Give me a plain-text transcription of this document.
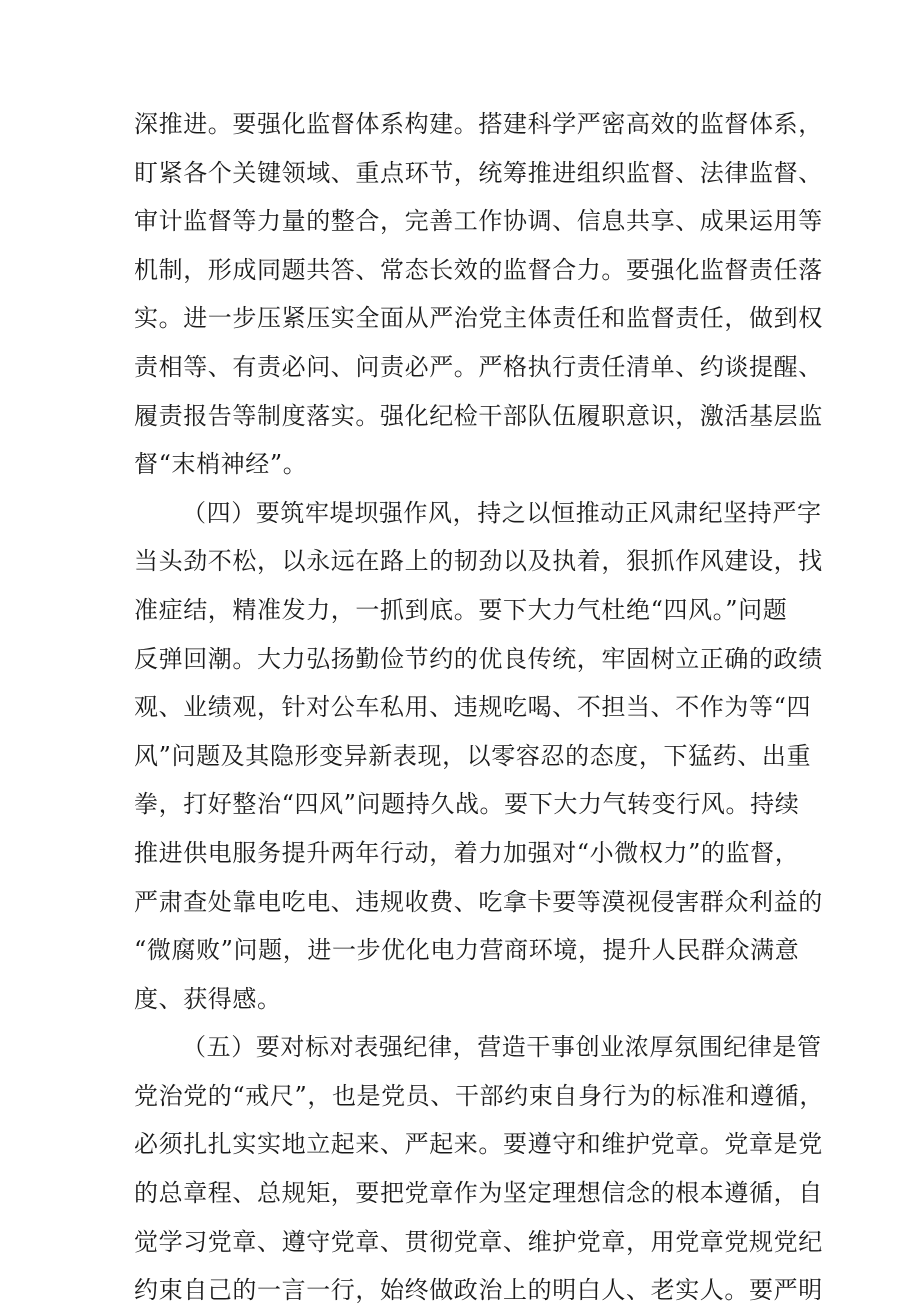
深推进。要强化监督体系构建。搭建科学严密高效的监督体系，
盯紧各个关键领域、重点环节，统筹推进组织监督、法律监督、
审计监督等力量的整合，完善工作协调、信息共享、成果运用等
机制，形成同题共答、常态长效的监督合力。要强化监督责任落
实。进一步压紧压实全面从严治党主体责任和监督责任，做到权
责相等、有责必问、问责必严。严格执行责任清单、约谈提醒、
履责报告等制度落实。强化纪检干部队伍履职意识，激活基层监
督“末梢神经”。
（四）要筑牢堤坝强作风，持之以恒推动正风肃纪坚持严字
当头劲不松，以永远在路上的韧劲以及执着，狠抓作风建设，找
准症结，精准发力，一抓到底。要下大力气杜绝“四风。”问题
反弹回潮。大力弘扬勤俭节约的优良传统，牢固树立正确的政绩
观、业绩观，针对公车私用、违规吃喝、不担当、不作为等“四
风”问题及其隐形变异新表现，以零容忍的态度，下猛药、出重
拳，打好整治“四风”问题持久战。要下大力气转变行风。持续
推进供电服务提升两年行动，着力加强对“小微权力”的监督，
严肃查处靠电吃电、违规收费、吃拿卡要等漠视侵害群众利益的
“微腐败”问题，进一步优化电力营商环境，提升人民群众满意
度、获得感。
（五）要对标对表强纪律，营造干事创业浓厚氛围纪律是管
党治党的“戒尺”，也是党员、干部约束自身行为的标准和遵循，
必须扎扎实实地立起来、严起来。要遵守和维护党章。党章是党
的总章程、总规矩，要把党章作为坚定理想信念的根本遵循，自
觉学习党章、遵守党章、贯彻党章、维护党章，用党章党规党纪
约束自己的一言一行，始终做政治上的明白人、老实人。要严明
